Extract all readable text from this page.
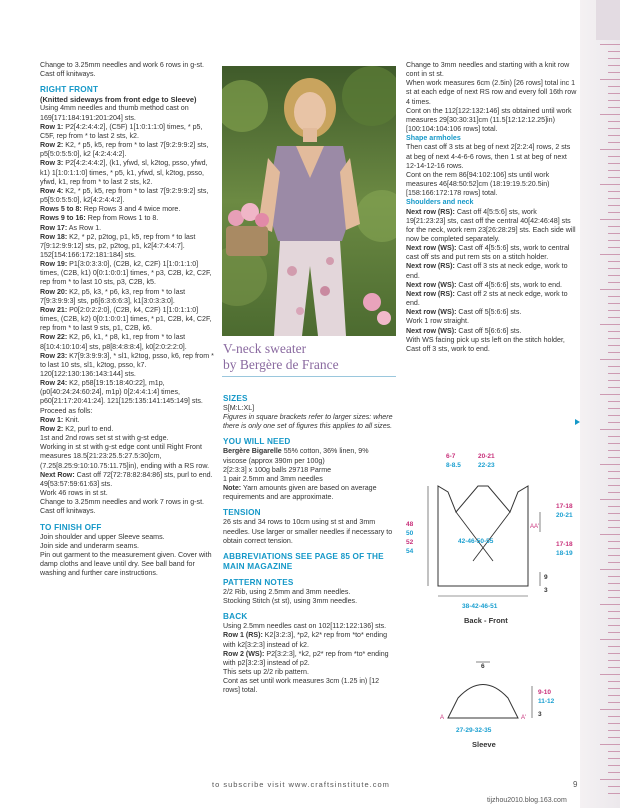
Change to 3.25mm needles and work 6 rows in g-st.

Cast off knitways.

RIGHT FRONT

(Knitted sideways from front edge to Sleeve)

Using 4mm needles and thumb method cast on 169[171:184:191:201:204] sts.

Row 1: P2[4:2:4:4:2], (C5F) 1[1:0:1:1:0] times, * p5, C5F, rep from * to last 2 sts, k2.

Row 2: K2, * p5, k5, rep from * to last 7[9:2:9:9:2] sts, p5[5:0:5:5:0], k2 [4:2:4:4:2].

Row 3: P2[4:2:4:4:2], (k1, yfwd, sl, k2tog, psso, yfwd, k1) 1[1:0:1:1:0] times, * p5, k1, yfwd, sl, k2tog, psso, yfwd, k1, rep from * to last 2 sts, k2.

Row 4: K2, * p5, k5, rep from * to last 7[9:2:9:9:2] sts, p5[5:0:5:5:0], k2[4:2:4:4:2].

Rows 5 to 8: Rep Rows 3 and 4 twice more.

Rows 9 to 16: Rep from Rows 1 to 8.

Row 17: As Row 1.

Row 18: K2, * p2, p2tog, p1, k5, rep from * to last 7[9:12:9:9:12] sts, p2, p2tog, p1, k2[4:7:4:4:7]. 152[154:166:172:181:184] sts.

Row 19: P1[3:0:3:3:0], (C2B, k2, C2F) 1[1:0:1:1:0] times, (C2B, k1) 0[0:1:0:0:1] times, * p3, C2B, k2, C2F, rep from * to last 10 sts, p3, C2B, k5.

Row 20: K2, p5, k3, * p6, k3, rep from * to last 7[9:3:9:9:3] sts, p6[6:3:6:6:3], k1[3:0:3:3:0].

Row 21: P0[2:0:2:2:0], (C2B, k4, C2F) 1[1:0:1:1:0] times, (C2B, k2) 0[0:1:0:0:1] times, * p1, C2B, k4, C2F, rep from * to last 9 sts, p1, C2B, k6.

Row 22: K2, p6, k1, * p8, k1, rep from * to last 8[10:4:10:10:4] sts, p8[8:4:8:8:4], k0[2:0:2:2:0].

Row 23: K7[9:3:9:9:3], * sl1, k2tog, psso, k6, rep from * to last 10 sts, sl1, k2tog, psso, k7. 120[122:130:136:143:144] sts.

Row 24: K2, p58[19:15:18:40:22], m1p, (p0[40:24:24:60:24], m1p) 0[2:4:4:1:4] times, p60[21:17:20:41:24]. 121[125:135:141:145:149] sts.

Proceed as folls:

Row 1: Knit.

Row 2: K2, purl to end.

1st and 2nd rows set st st with g-st edge.

Working in st st with g-st edge cont until Right Front measures 18.5[21:23:25.5:27.5:30]cm, (7.25[8.25:9:10:10.75:11.75]in), ending with a RS row.

Next Row: Cast off 72[72:78:82:84:86] sts, purl to end. 49[53:57:59:61:63] sts.

Work 46 rows in st st.

Change to 3.25mm needles and work 7 rows in g-st.

Cast off knitways.

TO FINISH OFF

Join shoulder and upper Sleeve seams.

Join side and underarm seams.

Pin out garment to the measurement given. Cover with damp cloths and leave until dry. See ball band for washing and further care instructions.

V-neck sweater
by Bergère de France

SIZES

S[M:L:XL]

Figures in square brackets refer to larger sizes: where there is only one set of figures this applies to all sizes.

YOU WILL NEED

Bergère Bigarelle 55% cotton, 36% linen, 9% viscose (approx 390m per 100g)

2[2:3:3] x 100g balls 29718 Parme

1 pair 2.5mm and 3mm needles

Note: Yarn amounts given are based on average requirements and are approximate.

TENSION

26 sts and 34 rows to 10cm using st st and 3mm needles. Use larger or smaller needles if necessary to obtain correct tension.

ABBREVIATIONS SEE PAGE 85 OF THE MAIN MAGAZINE

PATTERN NOTES

2/2 Rib, using 2.5mm and 3mm needles.

Stocking Stitch (st st), using 3mm needles.

BACK

Using 2.5mm needles cast on 102[112:122:136] sts.

Row 1 (RS): K2[3:2:3], *p2, k2* rep from *to* ending with k2[3:2:3] instead of k2.

Row 2 (WS): P2[3:2:3], *k2, p2* rep from *to* ending with p2[3:2:3] instead of p2.

This sets up 2/2 rib pattern.

Cont as set until work measures 3cm (1.25 in) [12 rows] total.

Change to 3mm needles and starting with a knit row cont in st st.

When work measures 6cm (2.5in) [26 rows] total inc 1 st at each edge of next RS row and every foll 16th row 4 times.

Cont on the 112[122:132:146] sts obtained until work measures 29[30:30:31]cm (11.5[12:12:12.25]in) [100:104:104:106 rows] total.

Shape armholes

Then cast off 3 sts at beg of next 2[2:2:4] rows, 2 sts at beg of next 4-4-6-6 rows, then 1 st at beg of next 12-14-12-16 rows.

Cont on the rem 86[94:102:106] sts until work measures 46[48:50:52]cm (18:19:19.5:20.5in) [158:166:172:178 rows] total.

Shoulders and neck

Next row (RS): Cast off 4[5:5:6] sts, work 19[21:23:23] sts, cast off the central 40[42:46:48] sts for the neck, work rem 23[26:28:29] sts. Each side will now be completed separately.

Next row (WS): Cast off 4[5:5:6] sts, work to central cast off sts and put rem sts on a stitch holder.

Next row (RS): Cast off 3 sts at neck edge, work to end.

Next row (WS): Cast off 4[5:6:6] sts, work to end.

Next row (RS): Cast off 2 sts at neck edge, work to end.

Next row (WS): Cast off 5[5:6:6] sts.

Work 1 row straight.

Next row (WS): Cast off 5[6:6:6] sts.

With WS facing pick up sts left on the stitch holder,

Cast off 3 sts, work to end.

6-7
8-8.5
20-21
22-23
17-18
20-21
17-18
18-19
48
50
52
54
42-46-50-55
AA'
9
3
38-42-46-51
Back - Front
6
9-10
11-12
3
A	A'
27-29-32-35
Sleeve
to subscribe visit www.craftsinstitute.com	9
tijzhou2010.blog.163.com
